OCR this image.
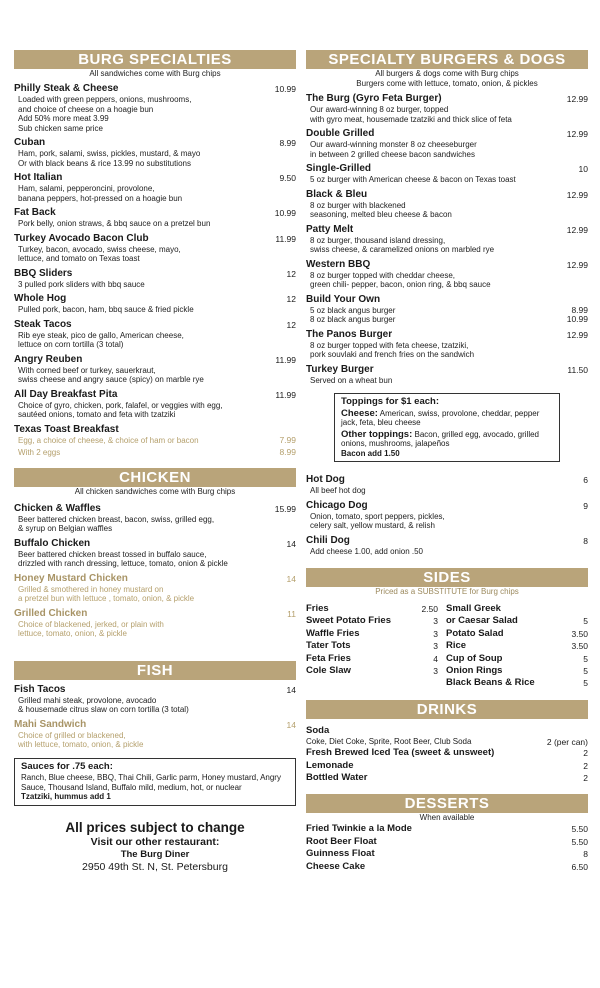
BURG SPECIALTIES
All sandwiches come with Burg chips
Philly Steak & Cheese	10.99
Loaded with green peppers, onions, mushrooms,
and choice of cheese on a hoagie bun
Add 50% more meat 3.99
Sub chicken same price
Cuban	8.99
Ham, pork, salami, swiss, pickles, mustard, & mayo
Or with black beans & rice 13.99 no substitutions
Hot Italian	9.50
Ham, salami, pepperoncini, provolone,
banana peppers, hot-pressed on a hoagie bun
Fat Back	10.99
Pork belly, onion straws, & bbq sauce on a pretzel bun
Turkey Avocado Bacon Club	11.99
Turkey, bacon, avocado, swiss cheese, mayo,
lettuce, and tomato on Texas toast
BBQ Sliders	12
3 pulled pork sliders with bbq sauce
Whole Hog	12
Pulled pork, bacon, ham, bbq sauce & fried pickle
Steak Tacos	12
Rib eye steak, pico de gallo, American cheese,
lettuce on corn tortilla (3 total)
Angry Reuben	11.99
With corned beef or turkey, sauerkraut,
swiss cheese and angry sauce (spicy) on marble rye
All Day Breakfast Pita	11.99
Choice of gyro, chicken, pork, falafel, or veggies with egg,
sautéed onions, tomato and feta with tzatziki
Texas Toast Breakfast
Egg, a choice of cheese, & choice of ham or bacon	7.99
With 2 eggs	8.99
CHICKEN
All chicken sandwiches come with Burg chips
Chicken & Waffles	15.99
Beer battered chicken breast, bacon, swiss, grilled egg,
& syrup on Belgian waffles
Buffalo Chicken	14
Beer battered chicken breast tossed in buffalo sauce,
drizzled with ranch dressing, lettuce, tomato, onion & pickle
Honey Mustard Chicken	14
Grilled & smothered in honey mustard on
a pretzel bun with lettuce , tomato, onion, & pickle
Grilled Chicken	11
Choice of blackened, jerked, or plain with
lettuce, tomato, onion, & pickle
FISH
Fish Tacos	14
Grilled mahi steak, provolone, avocado
& housemade citrus slaw on corn tortilla (3 total)
Mahi Sandwich	14
Choice of grilled or blackened,
with lettuce, tomato, onion, & pickle
Sauces for .75 each:
Ranch, Blue cheese, BBQ, Thai Chili, Garlic parm, Honey mustard, Angry Sauce, Thousand Island, Buffalo mild, medium, hot, or nuclear
Tzatziki, hummus add 1
All prices subject to change
Visit our other restaurant:
The Burg Diner
2950 49th St. N, St. Petersburg
SPECIALTY BURGERS & DOGS
All burgers & dogs come with Burg chips
Burgers come with lettuce, tomato, onion, & pickles
The Burg (Gyro Feta Burger)	12.99
Our award-winning 8 oz burger, topped
with gyro meat, housemade tzatziki and thick slice of feta
Double Grilled	12.99
Our award-winning monster 8 oz cheeseburger
in between 2 grilled cheese bacon sandwiches
Single-Grilled	10
5 oz burger with American cheese & bacon on Texas toast
Black & Bleu	12.99
8 oz burger with blackened
seasoning, melted bleu cheese & bacon
Patty Melt	12.99
8 oz burger, thousand island dressing,
swiss cheese, & caramelized onions on marbled rye
Western BBQ	12.99
8 oz burger topped with cheddar cheese,
green chili- pepper, bacon, onion ring, & bbq sauce
Build Your Own
5 oz black angus burger	8.99
8 oz black angus burger	10.99
The Panos Burger	12.99
8 oz burger topped with feta cheese, tzatziki,
pork souvlaki and french fries on the sandwich
Turkey Burger	11.50
Served on a wheat bun
Toppings for $1 each:
Cheese: American, swiss, provolone, cheddar, pepper jack, feta, bleu cheese
Other toppings: Bacon, grilled egg, avocado, grilled onions, mushrooms, jalapeños
Bacon add 1.50
Hot Dog	6
All beef hot dog
Chicago Dog	9
Onion, tomato, sport peppers, pickles,
celery salt, yellow mustard, & relish
Chili Dog	8
Add cheese 1.00, add onion .50
SIDES
Priced as a SUBSTITUTE for Burg chips
Fries	2.50
Sweet Potato Fries	3
Waffle Fries	3
Tater Tots	3
Feta Fries	4
Cole Slaw	3
Small Greek
or Caesar Salad	5
Potato Salad	3.50
Rice	3.50
Cup of Soup	5
Onion Rings	5
Black Beans & Rice	5
DRINKS
Soda
Coke, Diet Coke, Sprite, Root Beer, Club Soda	2 (per can)
Fresh Brewed Iced Tea (sweet & unsweet)	2
Lemonade	2
Bottled Water	2
DESSERTS
When available
Fried Twinkie a la Mode	5.50
Root Beer Float	5.50
Guinness Float	8
Cheese Cake	6.50
